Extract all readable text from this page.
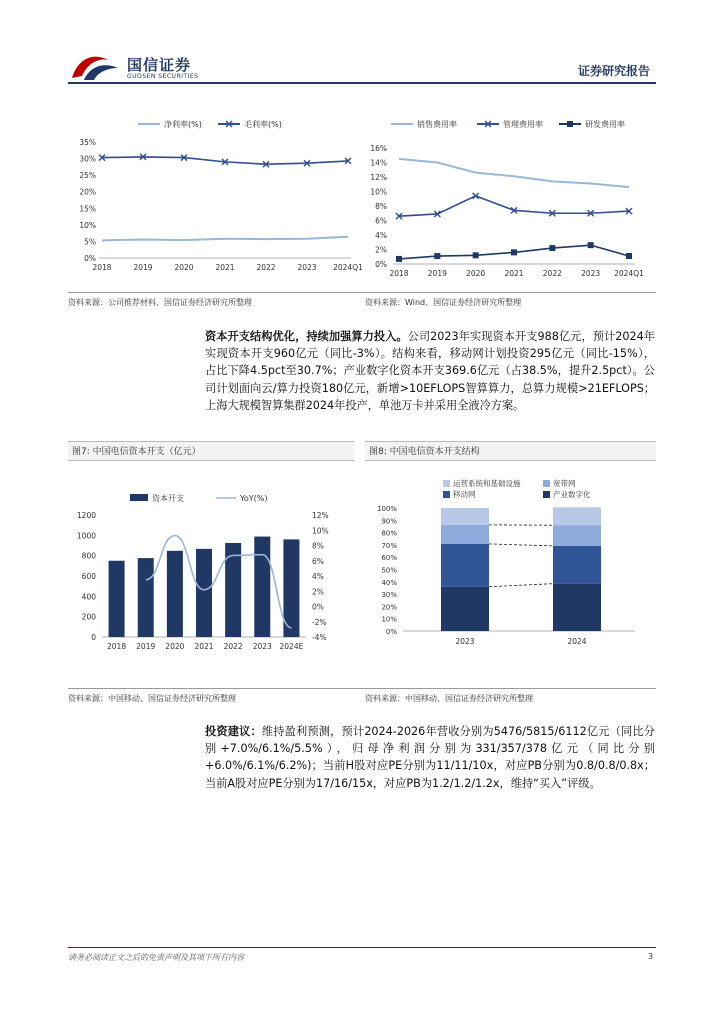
国信证券
GUOSEN SECURITIES	证券研究报告
0%
5%
10%
15%
20%
25%
30%
35%
2018	2019	2020	2021	2022	2023 2024Q1
净利率(%)	毛利率(%)
0%
2%
4%
6%
8%
10%
12%
14%
16%
2018	2019	2020	2021	2022	2023 2024Q1
销售费用率	管理费用率	研发费用率
资料来源：公司推荐材料、国信证券经济研究所整理	资料来源：Wind、国信证券经济研究所整理
资本开支结构优化，持续加强算力投入。公司2023年实现资本开支988亿元，预计2024年实现资本开支960亿元（同比-3%）。结构来看，移动网计划投资295亿元（同比-15%），占比下降4.5pct至30.7%；产业数字化资本开支369.6亿元（占38.5%，提升2.5pct）。公司计划面向云/算力投资180亿元，新增>10EFLOPS智算算力，总算力规模>21EFLOPS；上海大规模智算集群2024年投产，单池万卡并采用全液冷方案。
图7: 中国电信资本开支（亿元）	图8: 中国电信资本开支结构
0
200
400
600
800
1000
1200
-4%
-2%
0%
2%
4%
6%
8%
10%
12%
2018 2019 2020 2021 2022 2023 2024E
资本开支	YoY(%)
0%
10%
20%
30%
40%
50%
60%
70%
80%
90%
100%
2023	2024
运营系统和基础设施	宽带网
移动网	产业数字化
资料来源：中国移动、国信证券经济研究所整理	资料来源：中国移动、国信证券经济研究所整理
投资建议：维持盈利预测，预计2024-2026年营收分别为5476/5815/6112亿元（同比分别+7.0%/6.1%/5.5%），归母净利润分别为331/357/378亿元（同比分别+6.0%/6.1%/6.2%)；当前H股对应PE分别为11/11/10x，对应PB分别为0.8/0.8/0.8x；当前A股对应PE分别为17/16/15x，对应PB为1.2/1.2/1.2x，维持“买入”评级。
请务必阅读正文之后的免责声明及其项下所有内容	3
